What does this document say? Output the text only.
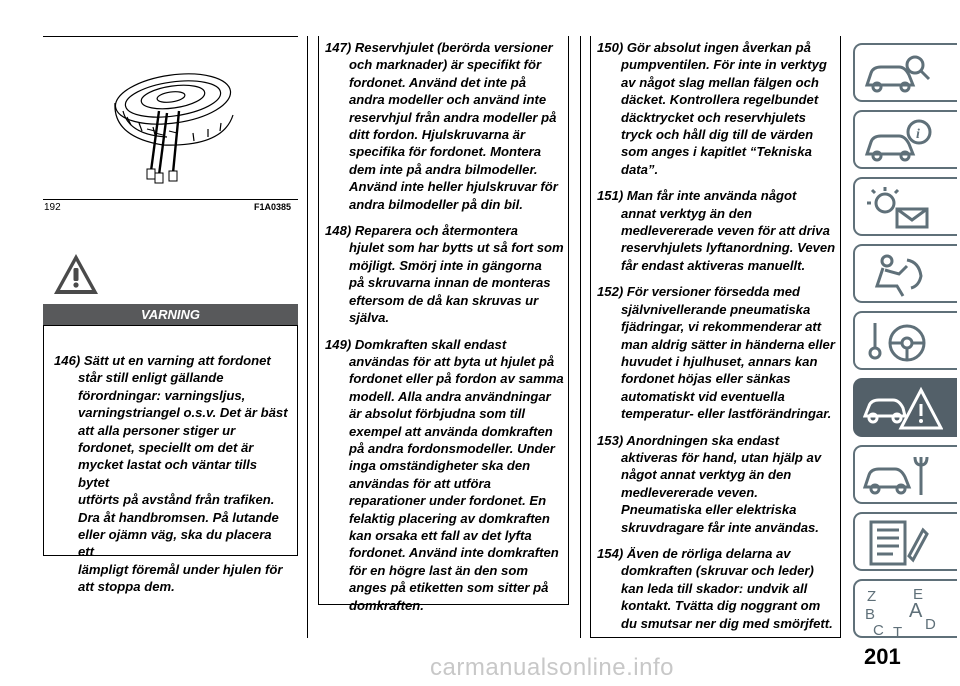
192	F1A0385
VARNING

146) Sätt ut en varning att fordonet
står still enligt gällande
förordningar: varningsljus,
varningstriangel o.s.v. Det är bäst
att alla personer stiger ur
fordonet, speciellt om det är
mycket lastat och väntar tills bytet
utförts på avstånd från trafiken.
Dra åt handbromsen. På lutande
eller ojämn väg, ska du placera ett
lämpligt föremål under hjulen för
att stoppa dem.

147) Reservhjulet (berörda versioner
och marknader) är specifikt för
fordonet. Använd det inte på
andra modeller och använd inte
reservhjul från andra modeller på
ditt fordon. Hjulskruvarna är
specifika för fordonet. Montera
dem inte på andra bilmodeller.
Använd inte heller hjulskruvar för
andra bilmodeller på din bil.

148) Reparera och återmontera
hjulet som har bytts ut så fort som
möjligt. Smörj inte in gängorna
på skruvarna innan de monteras
eftersom de då kan skruvas ur
själva.

149) Domkraften skall endast
användas för att byta ut hjulet på
fordonet eller på fordon av samma
modell. Alla andra användningar
är absolut förbjudna som till
exempel att använda domkraften
på andra fordonsmodeller. Under
inga omständigheter ska den
användas för att utföra
reparationer under fordonet. En
felaktig placering av domkraften
kan orsaka ett fall av det lyfta
fordonet. Använd inte domkraften
för en högre last än den som
anges på etiketten som sitter på
domkraften.

150) Gör absolut ingen åverkan på
pumpventilen. För inte in verktyg
av något slag mellan fälgen och
däcket. Kontrollera regelbundet
däcktrycket och reservhjulets
tryck och håll dig till de värden
som anges i kapitlet “Tekniska
data”.

151) Man får inte använda något
annat verktyg än den
medlevererade veven för att driva
reservhjulets lyftanordning. Veven
får endast aktiveras manuellt.

152) För versioner försedda med
självnivellerande pneumatiska
fjädringar, vi rekommenderar att
man aldrig sätter in händerna eller
huvudet i hjulhuset, annars kan
fordonet höjas eller sänkas
automatiskt vid eventuella
temperatur- eller lastförändringar.

153) Anordningen ska endast
aktiveras för hand, utan hjälp av
något annat verktyg än den
medlevererade veven.
Pneumatiska eller elektriska
skruvdragare får inte användas.

154) Även de rörliga delarna av
domkraften (skruvar och leder)
kan leda till skador: undvik all
kontakt. Tvätta dig noggrant om
du smutsar ner dig med smörjfett.

i
Z E
B A
C T D
201
carmanualsonline.info
